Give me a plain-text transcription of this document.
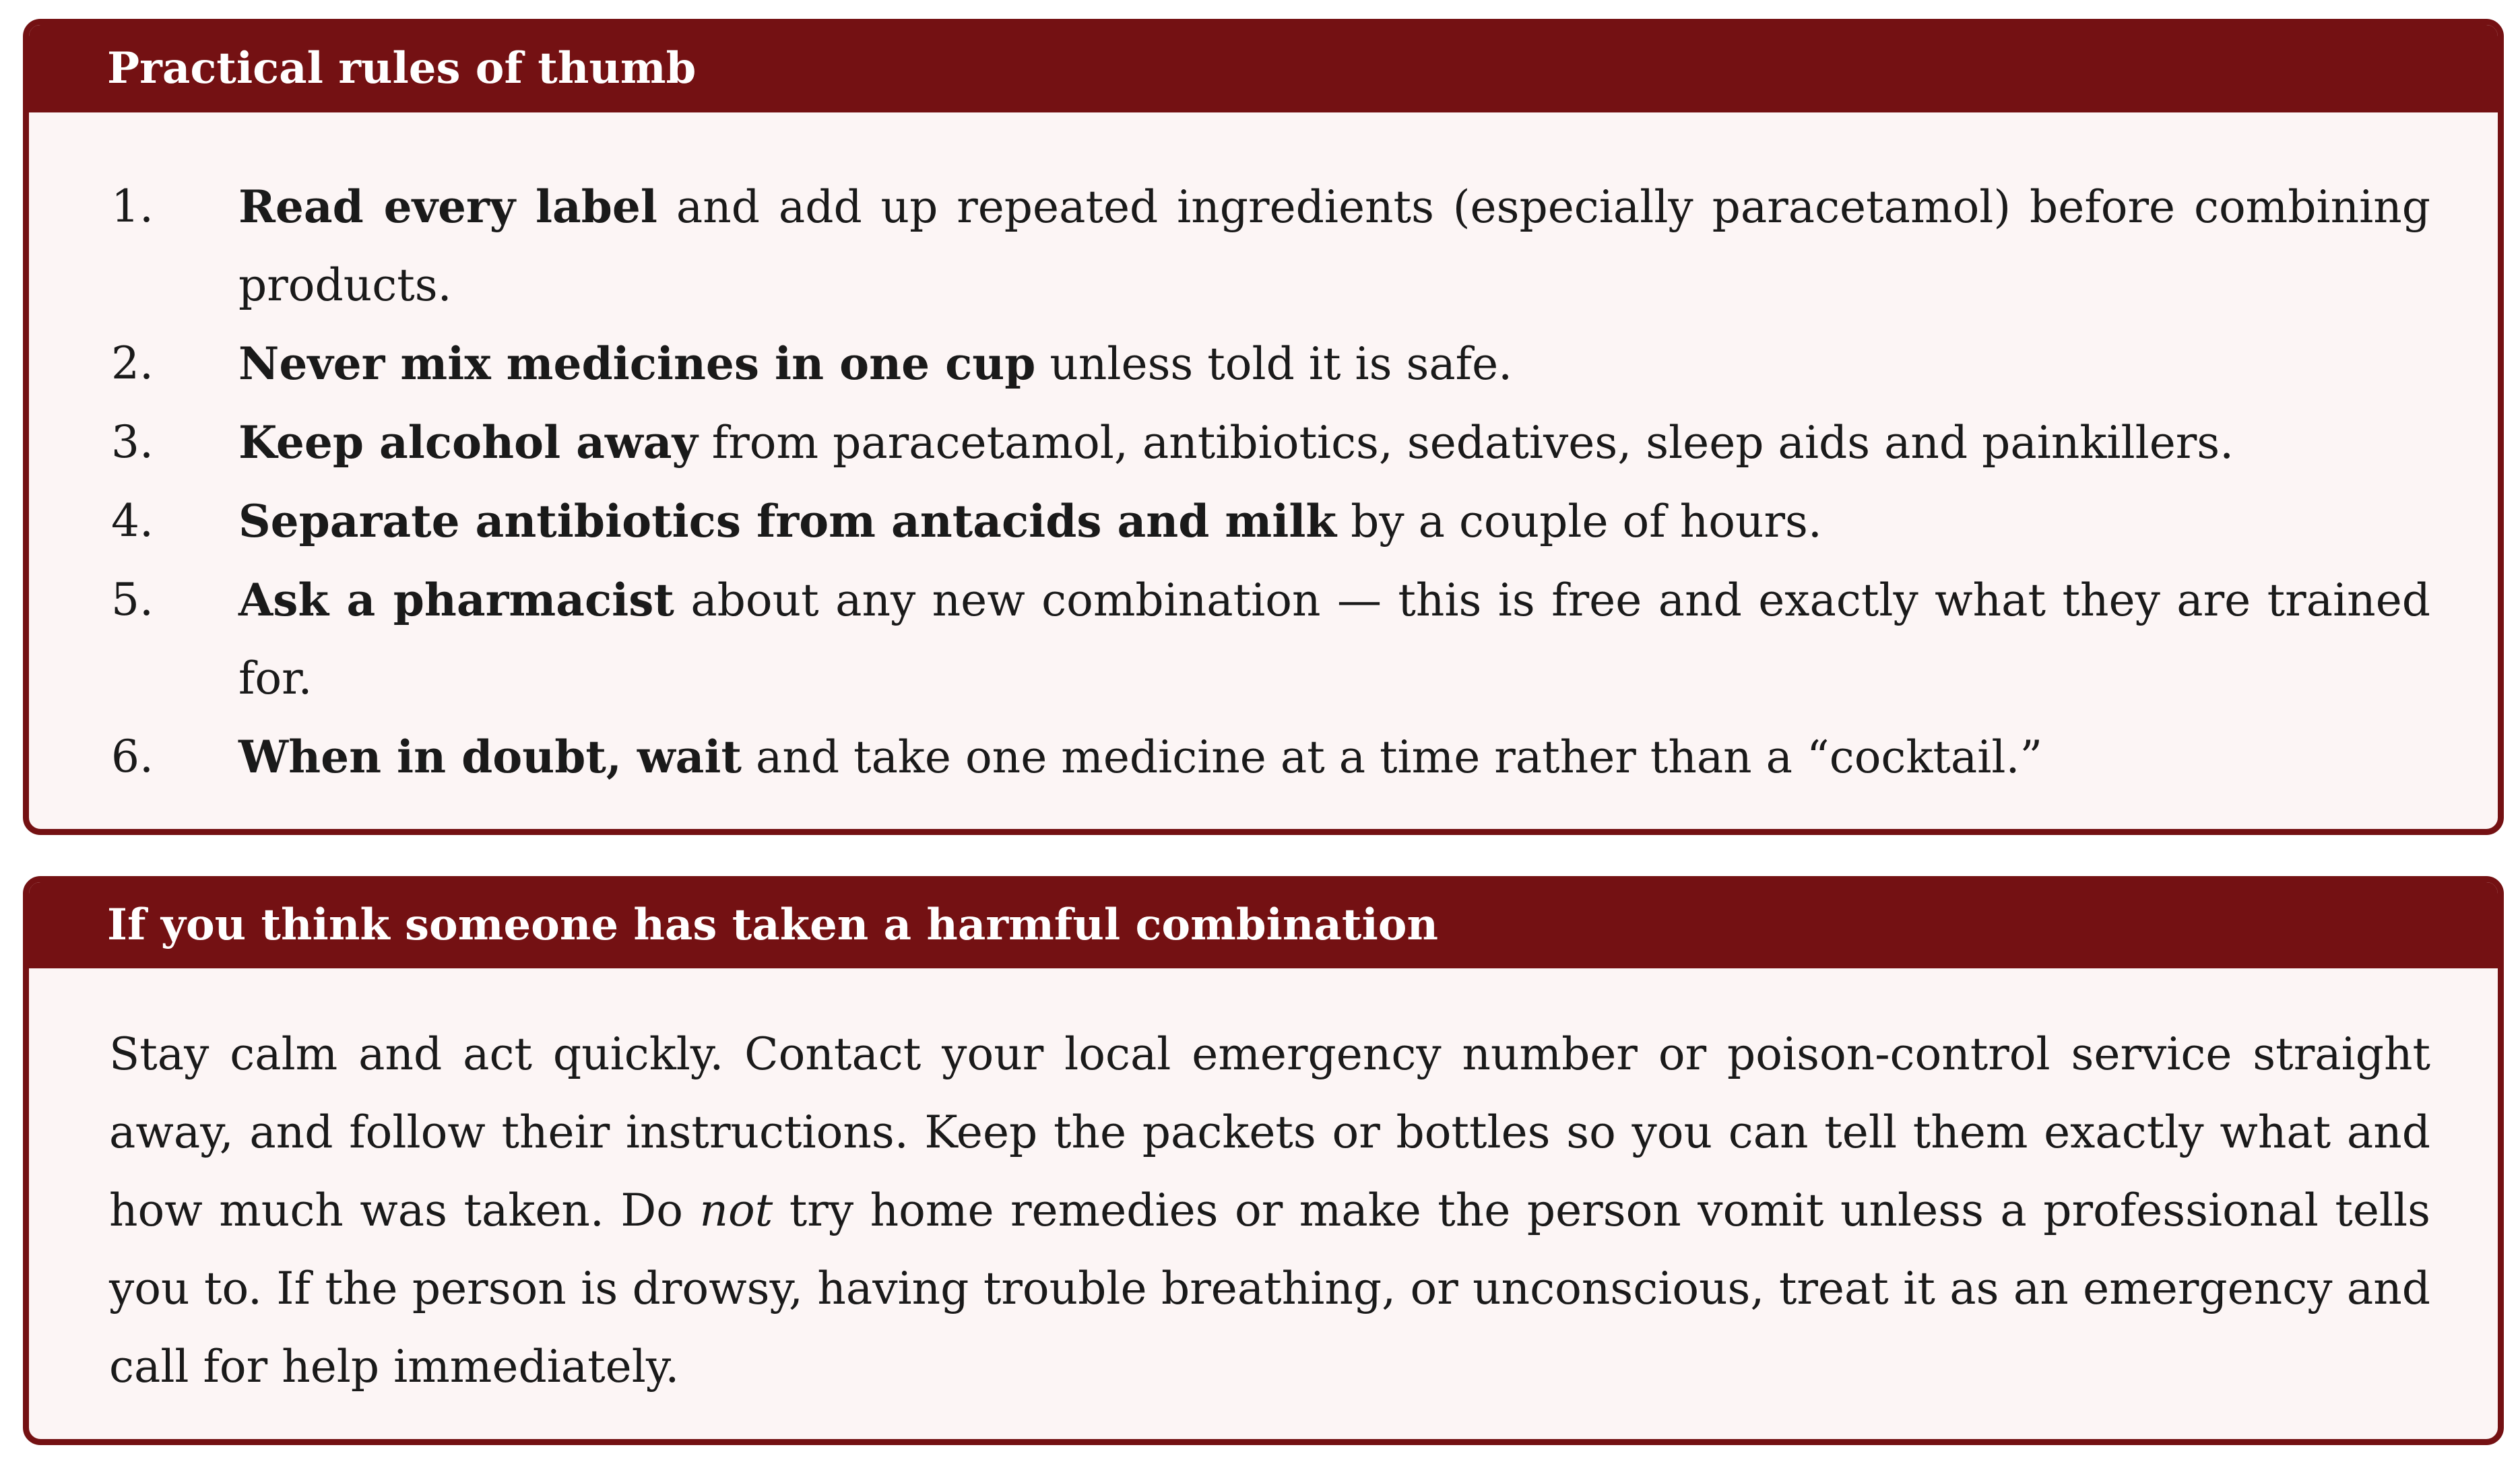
Practical rules of thumb
1.	Read every label and add up repeated ingredients (especially paracetamol) before combining products.
2.	Never mix medicines in one cup unless told it is safe.
3.	Keep alcohol away from paracetamol, antibiotics, sedatives, sleep aids and painkillers.
4.	Separate antibiotics from antacids and milk by a couple of hours.
5.	Ask a pharmacist about any new combination — this is free and exactly what they are trained for.
6.	When in doubt, wait and take one medicine at a time rather than a “cocktail.”
If you think someone has taken a harmful combination

Stay calm and act quickly. Contact your local emergency number or poison-control service straight away, and follow their instructions. Keep the packets or bottles so you can tell them exactly what and how much was taken. Do not try home remedies or make the person vomit unless a professional tells you to. If the person is drowsy, having trouble breathing, or unconscious, treat it as an emergency and call for help immediately.
